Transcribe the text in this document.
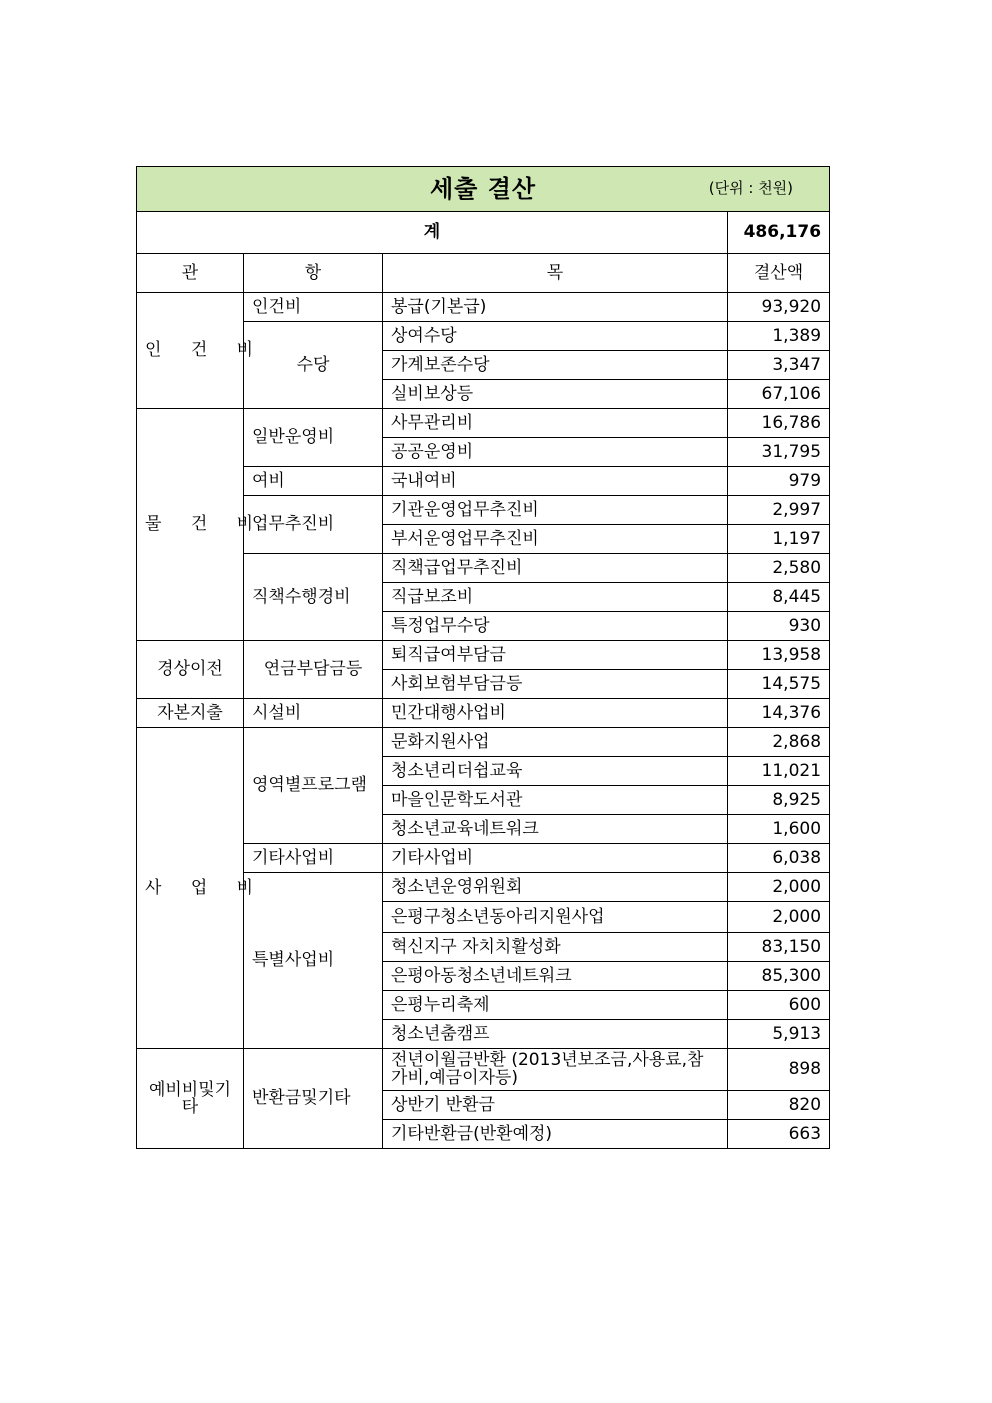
세출 결산 (단위 : 천원)			

계			486,176
관	항	목	결산액
인 건 비	인건비	봉급(기본급)	93,920
	수당	상여수당	1,389
		가계보존수당	3,347
		실비보상등	67,106
물 건 비	일반운영비	사무관리비	16,786
		공공운영비	31,795
	여비	국내여비	979
	업무추진비	기관운영업무추진비	2,997
		부서운영업무추진비	1,197
	직책수행경비	직책급업무추진비	2,580
		직급보조비	8,445
		특정업무수당	930
경상이전	연금부담금등	퇴직급여부담금	13,958
		사회보험부담금등	14,575
자본지출	시설비	민간대행사업비	14,376
사 업 비	영역별프로그램	문화지원사업	2,868
		청소년리더쉽교육	11,021
		마을인문학도서관	8,925
		청소년교육네트워크	1,600
	기타사업비	기타사업비	6,038
	특별사업비	청소년운영위원회	2,000
		은평구청소년동아리지원사업	2,000
		혁신지구 자치치활성화	83,150
		은평아동청소년네트워크	85,300
		은평누리축제	600
		청소년춤캠프	5,913
예비비및기타	반환금및기타	전년이월금반환 (2013년보조금,사용료,참가비,예금이자등)	898
		상반기 반환금	820
		기타반환금(반환예정)	663
